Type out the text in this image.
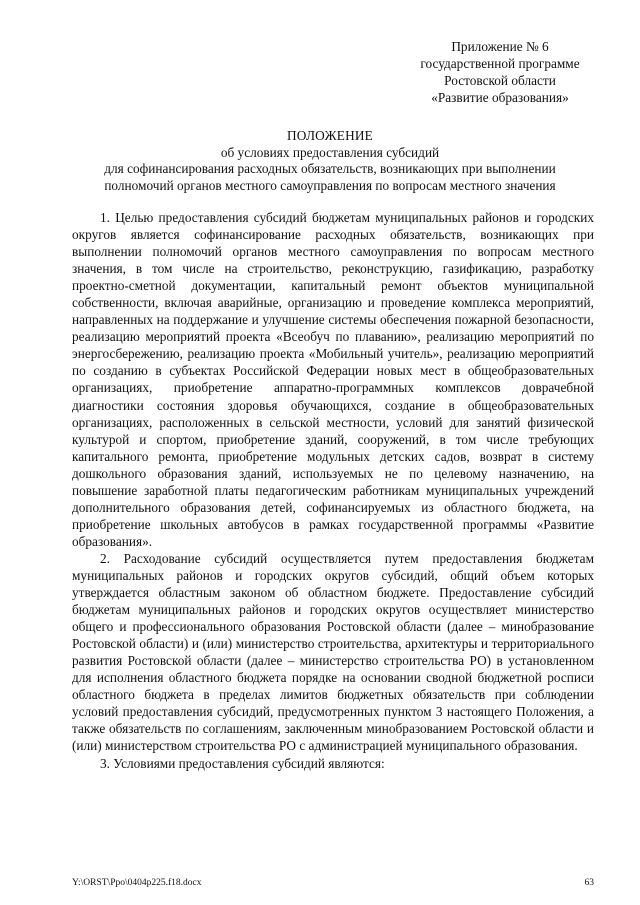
Приложение № 6
государственной программе
Ростовской области
«Развитие образования»
ПОЛОЖЕНИЕ
об условиях предоставления субсидий
для софинансирования расходных обязательств, возникающих при выполнении
полномочий органов местного самоуправления по вопросам местного значения

1. Целью предоставления субсидий бюджетам муниципальных районов и городских округов является софинансирование расходных обязательств, возникающих при выполнении полномочий органов местного самоуправления по вопросам местного значения, в том числе на строительство, реконструкцию, газификацию, разработку проектно-сметной документации, капитальный ремонт объектов муниципальной собственности, включая аварийные, организацию и проведение комплекса мероприятий, направленных на поддержание и улучшение системы обеспечения пожарной безопасности, реализацию мероприятий проекта «Всеобуч по плаванию», реализацию мероприятий по энергосбережению, реализацию проекта «Мобильный учитель», реализацию мероприятий по созданию в субъектах Российской Федерации новых мест в общеобразовательных организациях, приобретение аппаратно-программных комплексов доврачебной диагностики состояния здоровья обучающихся, создание в общеобразовательных организациях, расположенных в сельской местности, условий для занятий физической культурой и спортом, приобретение зданий, сооружений, в том числе требующих капитального ремонта, приобретение модульных детских садов, возврат в систему дошкольного образования зданий, используемых не по целевому назначению, на повышение заработной платы педагогическим работникам муниципальных учреждений дополнительного образования детей, софинансируемых из областного бюджета, на приобретение школьных автобусов в рамках государственной программы «Развитие образования».

2. Расходование субсидий осуществляется путем предоставления бюджетам муниципальных районов и городских округов субсидий, общий объем которых утверждается областным законом об областном бюджете. Предоставление субсидий бюджетам муниципальных районов и городских округов осуществляет министерство общего и профессионального образования Ростовской области (далее – минобразование Ростовской области) и (или) министерство строительства, архитектуры и территориального развития Ростовской области (далее – министерство строительства РО) в установленном для исполнения областного бюджета порядке на основании сводной бюджетной росписи областного бюджета в пределах лимитов бюджетных обязательств при соблюдении условий предоставления субсидий, предусмотренных пунктом 3 настоящего Положения, а также обязательств по соглашениям, заключенным минобразованием Ростовской области и (или) министерством строительства РО с администрацией муниципального образования.

3. Условиями предоставления субсидий являются:

Y:\ORST\Ppo\0404p225.f18.docx	63
